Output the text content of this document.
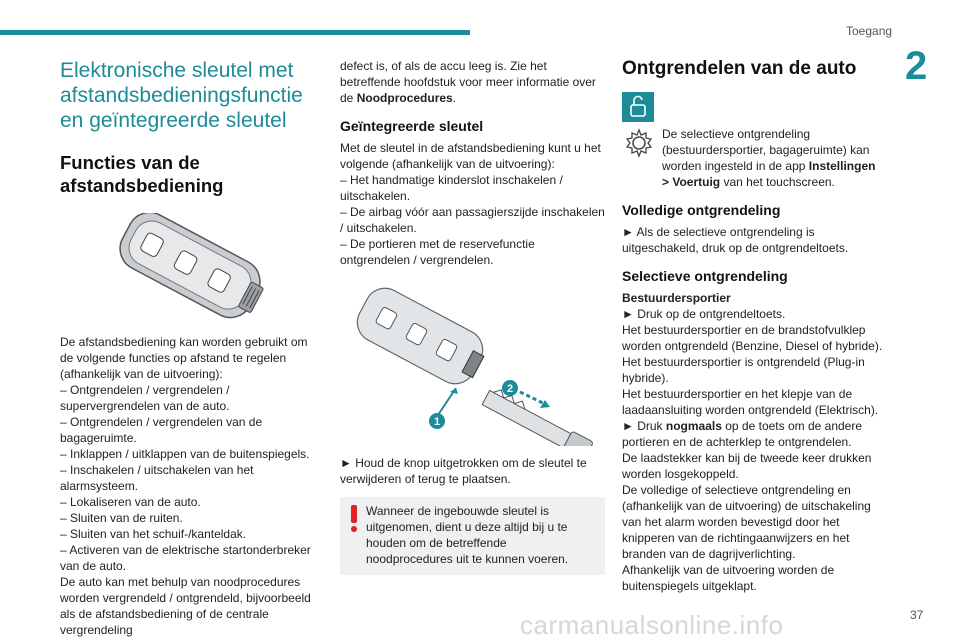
Toegang
2
Elektronische sleutel met afstandsbedieningsfunctie en geïntegreerde sleutel
Functies van de afstandsbediening

De afstandsbediening kan worden gebruikt om de volgende functies op afstand te regelen (afhankelijk van de uitvoering):

– Ontgrendelen / vergrendelen / supervergrendelen van de auto.

– Ontgrendelen / vergrendelen van de bagageruimte.

– Inklappen / uitklappen van de buitenspiegels.

– Inschakelen / uitschakelen van het alarmsysteem.

– Lokaliseren van de auto.

– Sluiten van de ruiten.

– Sluiten van het schuif-/kanteldak.

– Activeren van de elektrische startonderbreker van de auto.

De auto kan met behulp van noodprocedures worden vergrendeld / ontgrendeld, bijvoorbeeld als de afstandsbediening of de centrale vergrendeling

defect is, of als de accu leeg is. Zie het betreffende hoofdstuk voor meer informatie over de Noodprocedures.

Geïntegreerde sleutel

Met de sleutel in de afstandsbediening kunt u het volgende (afhankelijk van de uitvoering):

– Het handmatige kinderslot inschakelen / uitschakelen.

– De airbag vóór aan passagierszijde inschakelen / uitschakelen.

– De portieren met de reservefunctie ontgrendelen / vergrendelen.

1
2

► Houd de knop uitgetrokken om de sleutel te verwijderen of terug te plaatsen.

Wanneer de ingebouwde sleutel is uitgenomen, dient u deze altijd bij u te houden om de betreffende noodprocedures uit te kunnen voeren.

Ontgrendelen van de auto

De selectieve ontgrendeling (bestuurdersportier, bagageruimte) kan worden ingesteld in de app Instellingen > Voertuig van het touchscreen.

Volledige ontgrendeling

► Als de selectieve ontgrendeling is uitgeschakeld, druk op de ontgrendeltoets.

Selectieve ontgrendeling

Bestuurdersportier

► Druk op de ontgrendeltoets.

Het bestuurdersportier en de brandstofvulklep worden ontgrendeld (Benzine, Diesel of hybride).

Het bestuurdersportier is ontgrendeld (Plug-in hybride).

Het bestuurdersportier en het klepje van de laadaansluiting worden ontgrendeld (Elektrisch).

► Druk nogmaals op de toets om de andere portieren en de achterklep te ontgrendelen.

De laadstekker kan bij de tweede keer drukken worden losgekoppeld.

De volledige of selectieve ontgrendeling en (afhankelijk van de uitvoering) de uitschakeling van het alarm worden bevestigd door het knipperen van de richtingaanwijzers en het branden van de dagrijverlichting.

Afhankelijk van de uitvoering worden de buitenspiegels uitgeklapt.

carmanualsonline.info	37
